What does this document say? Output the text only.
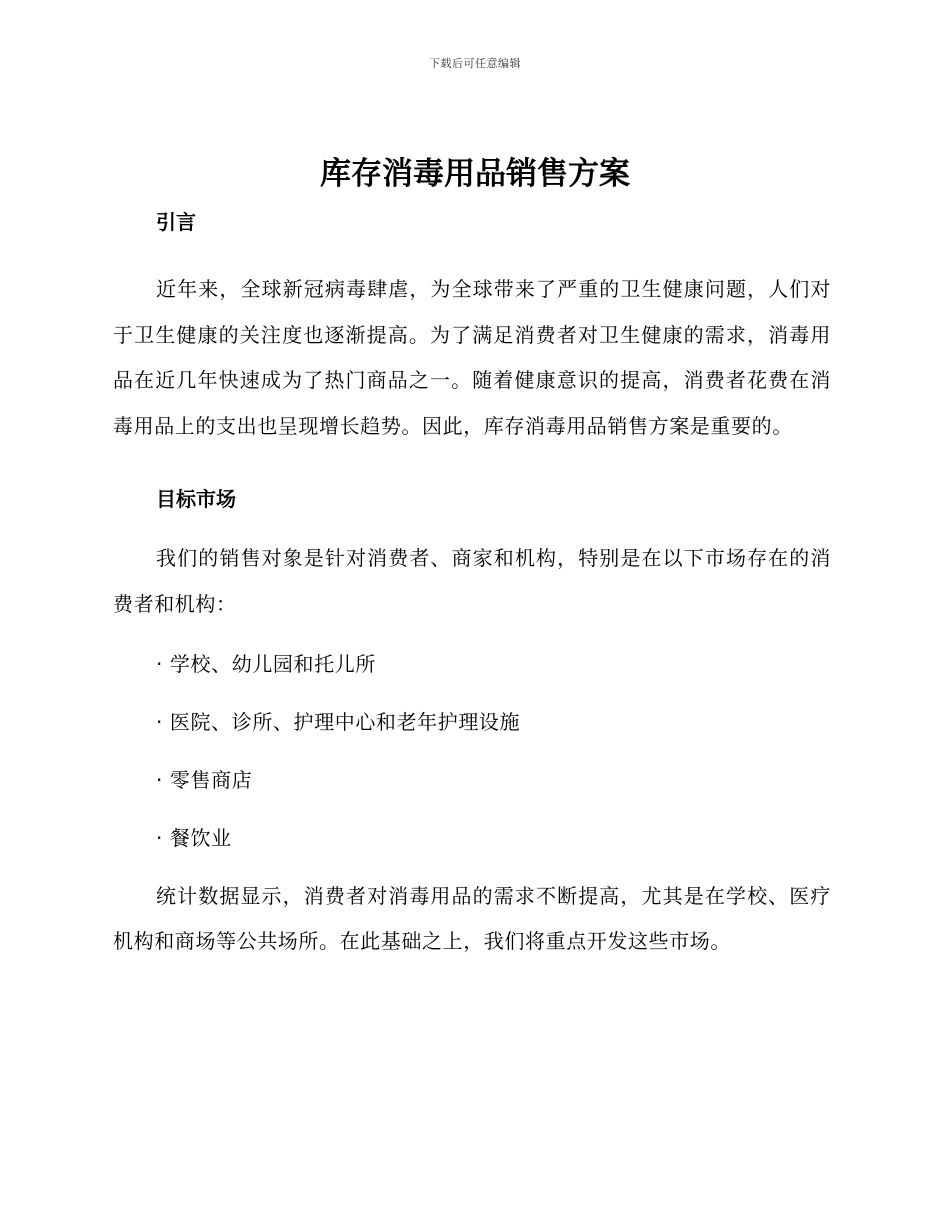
下载后可任意编辑
库存消毒用品销售方案
引言

近年来，全球新冠病毒肆虐，为全球带来了严重的卫生健康问题，人们对于卫生健康的关注度也逐渐提高。为了满足消费者对卫生健康的需求，消毒用品在近几年快速成为了热门商品之一。随着健康意识的提高，消费者花费在消毒用品上的支出也呈现增长趋势。因此，库存消毒用品销售方案是重要的。

目标市场

我们的销售对象是针对消费者、商家和机构，特别是在以下市场存在的消费者和机构：

· 学校、幼儿园和托儿所

· 医院、诊所、护理中心和老年护理设施

· 零售商店

· 餐饮业

统计数据显示，消费者对消毒用品的需求不断提高，尤其是在学校、医疗机构和商场等公共场所。在此基础之上，我们将重点开发这些市场。
